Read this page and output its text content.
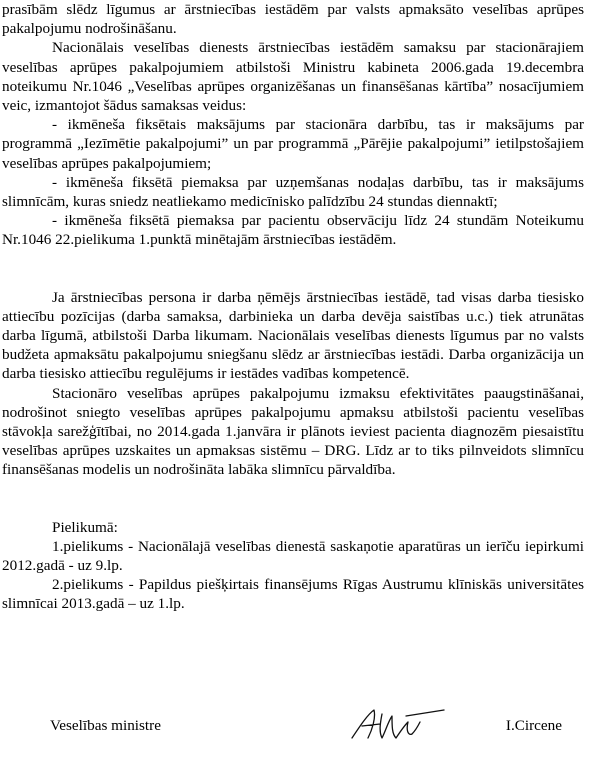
prasībām slēdz līgumus ar ārstniecības iestādēm par valsts apmaksāto veselības aprūpes pakalpojumu nodrošināšanu.

Nacionālais veselības dienests ārstniecības iestādēm samaksu par stacionārajiem veselības aprūpes pakalpojumiem atbilstoši Ministru kabineta 2006.gada 19.decembra noteikumu Nr.1046 „Veselības aprūpes organizēšanas un finansēšanas kārtība” nosacījumiem veic, izmantojot šādus samaksas veidus:

- ikmēneša fiksētais maksājums par stacionāra darbību, tas ir maksājums par programmā „Iezīmētie pakalpojumi” un par programmā „Pārējie pakalpojumi” ietilpstošajiem veselības aprūpes pakalpojumiem;

- ikmēneša fiksētā piemaksa par uzņemšanas nodaļas darbību, tas ir maksājums slimnīcām, kuras sniedz neatliekamo medicīnisko palīdzību 24 stundas diennaktī;

- ikmēneša fiksētā piemaksa par pacientu observāciju līdz 24 stundām Noteikumu Nr.1046 22.pielikuma 1.punktā minētajām ārstniecības iestādēm.

Ja ārstniecības persona ir darba ņēmējs ārstniecības iestādē, tad visas darba tiesisko attiecību pozīcijas (darba samaksa, darbinieka un darba devēja saistības u.c.) tiek atrunātas darba līgumā, atbilstoši Darba likumam. Nacionālais veselības dienests līgumus par no valsts budžeta apmaksātu pakalpojumu sniegšanu slēdz ar ārstniecības iestādi. Darba organizācija un darba tiesisko attiecību regulējums ir iestādes vadības kompetencē.

Stacionāro veselības aprūpes pakalpojumu izmaksu efektivitātes paaugstināšanai, nodrošinot sniegto veselības aprūpes pakalpojumu apmaksu atbilstoši pacientu veselības stāvokļa sarežģītībai, no 2014.gada 1.janvāra ir plānots ieviest pacienta diagnozēm piesaistītu veselības aprūpes uzskaites un apmaksas sistēmu – DRG. Līdz ar to tiks pilnveidots slimnīcu finansēšanas modelis un nodrošināta labāka slimnīcu pārvaldība.

Pielikumā:

1.pielikums - Nacionālajā veselības dienestā saskaņotie aparatūras un ierīču iepirkumi 2012.gadā - uz 9.lp.

2.pielikums - Papildus piešķirtais finansējums Rīgas Austrumu klīniskās universitātes slimnīcai 2013.gadā – uz 1.lp.

Veselības ministre	I.Circene
